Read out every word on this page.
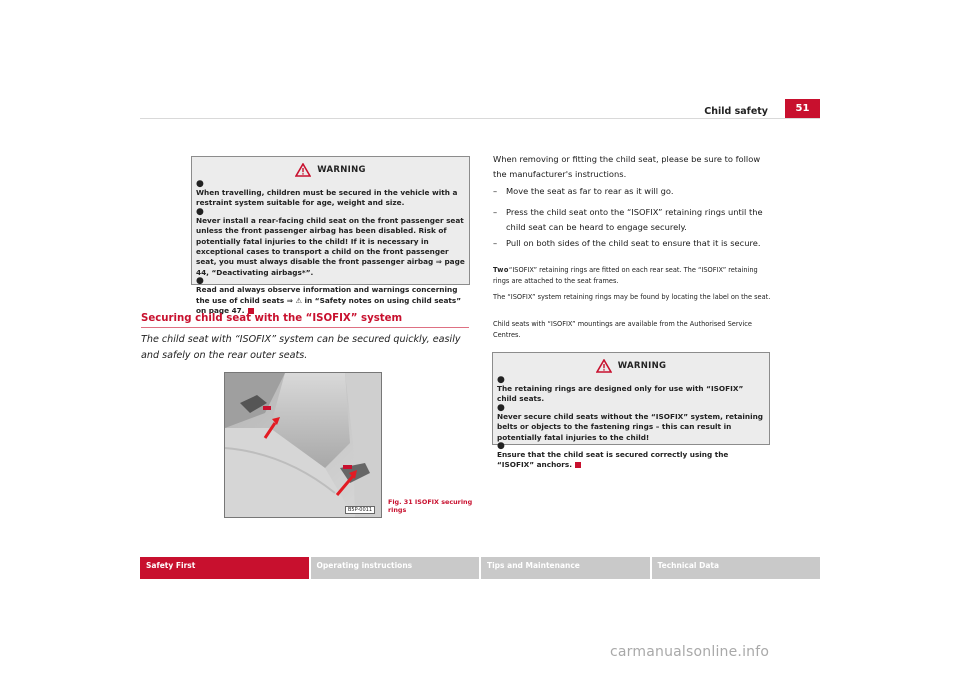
Child safety	51
WARNING
●
When travelling, children must be secured in the vehicle with a restraint system suitable for age, weight and size.
●
Never install a rear-facing child seat on the front passenger seat unless the front passenger airbag has been disabled. Risk of potentially fatal injuries to the child! If it is necessary in exceptional cases to transport a child on the front passenger seat, you must always disable the front passenger airbag ⇒ page 44, “Deactivating airbags*”.
●
Read and always observe information and warnings concerning the use of child seats ⇒ ⚠ in “Safety notes on using child seats” on page 47.
Securing child seat with the “ISOFIX” system
The child seat with “ISOFIX” system can be secured quickly, easily and safely on the rear outer seats.
B5P-0011
Fig. 31 ISOFIX securing rings
When removing or fitting the child seat, please be sure to follow the manufacturer's instructions.
– Move the seat as far to rear as it will go.
– Press the child seat onto the “ISOFIX” retaining rings until the child seat can be heard to engage securely.
– Pull on both sides of the child seat to ensure that it is secure.
Two“ISOFIX” retaining rings are fitted on each rear seat. The “ISOFIX” retaining rings are attached to the seat frames.
The “ISOFIX” system retaining rings may be found by locating the label on the seat.
Child seats with “ISOFIX” mountings are available from the Authorised Service Centres.
WARNING
●
The retaining rings are designed only for use with “ISOFIX” child seats.
●
Never secure child seats without the “ISOFIX” system, retaining belts or objects to the fastening rings – this can result in potentially fatal injuries to the child!
●
Ensure that the child seat is secured correctly using the “ISOFIX” anchors.
Safety First	Operating instructions	Tips and Maintenance	Technical Data
carmanualsonline.info
